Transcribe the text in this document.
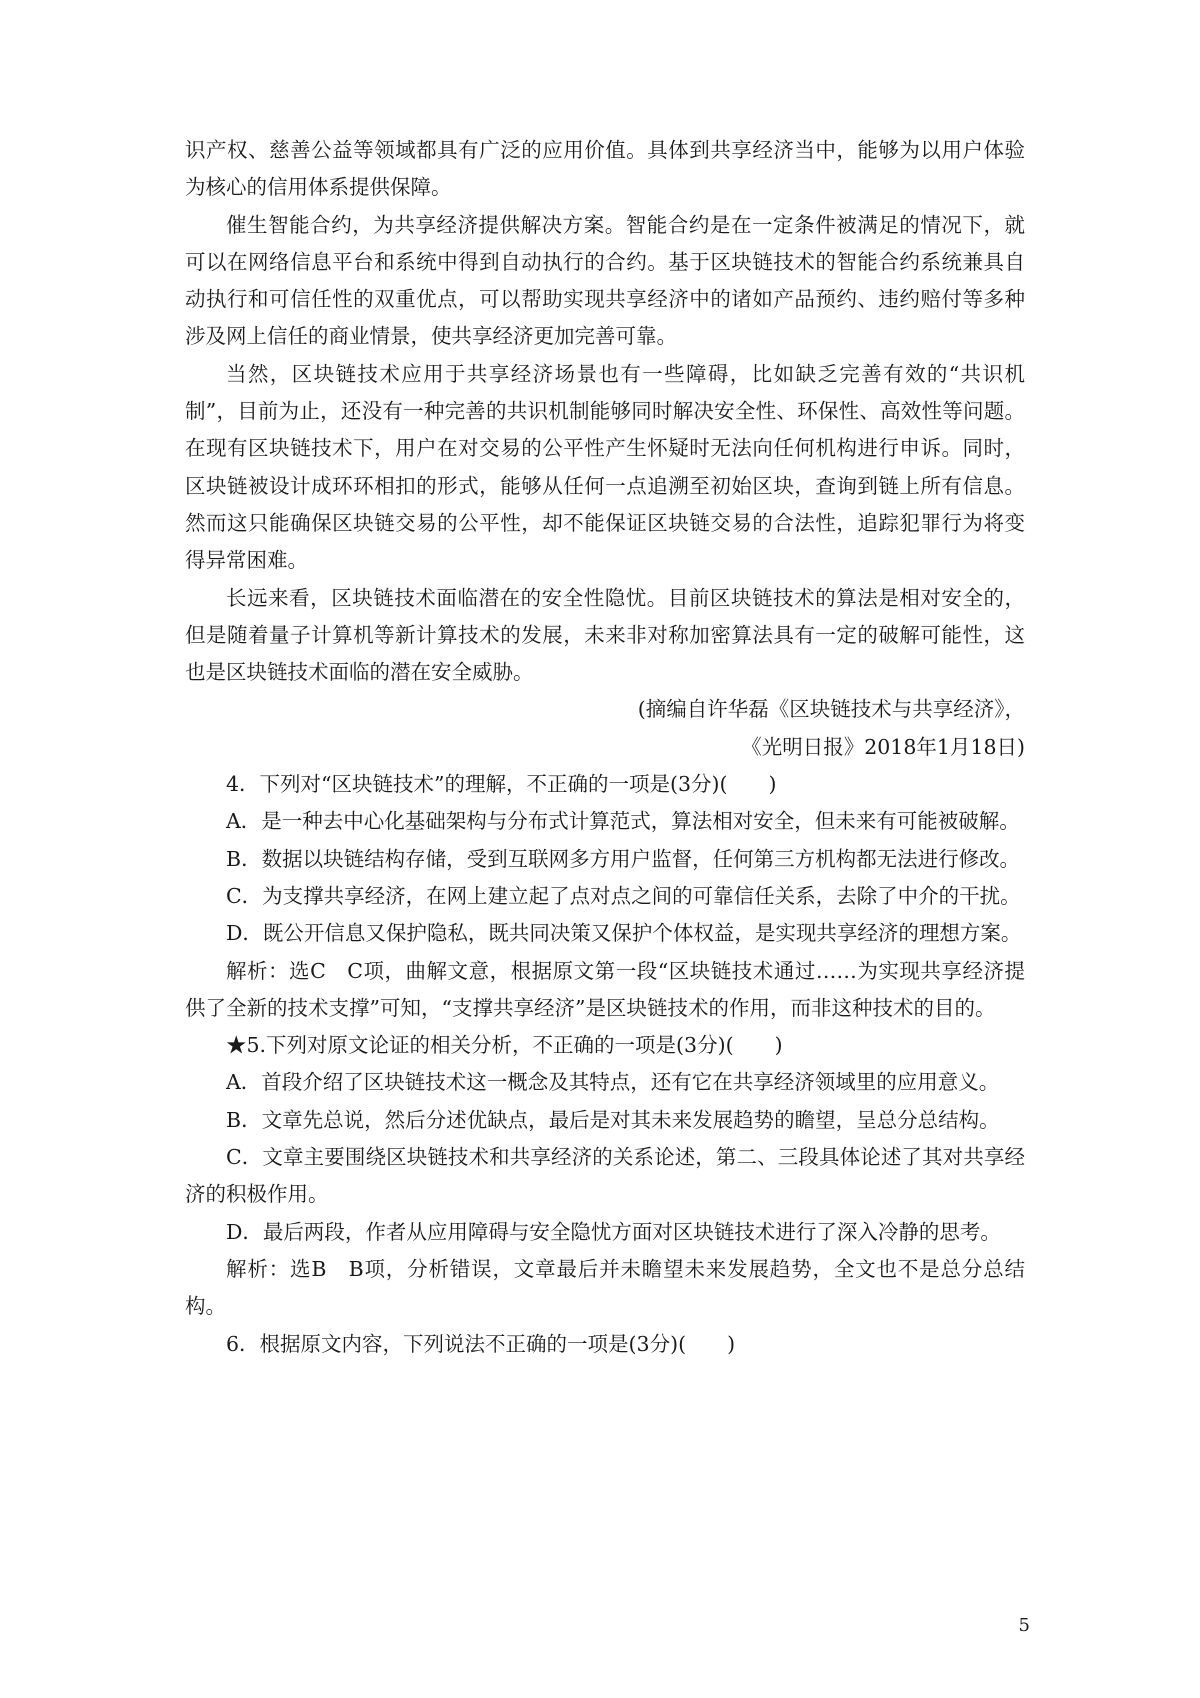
识产权、慈善公益等领域都具有广泛的应用价值。具体到共享经济当中，能够为以用户体验为核心的信用体系提供保障。

催生智能合约，为共享经济提供解决方案。智能合约是在一定条件被满足的情况下，就可以在网络信息平台和系统中得到自动执行的合约。基于区块链技术的智能合约系统兼具自动执行和可信任性的双重优点，可以帮助实现共享经济中的诸如产品预约、违约赔付等多种涉及网上信任的商业情景，使共享经济更加完善可靠。

当然，区块链技术应用于共享经济场景也有一些障碍，比如缺乏完善有效的“共识机制”，目前为止，还没有一种完善的共识机制能够同时解决安全性、环保性、高效性等问题。在现有区块链技术下，用户在对交易的公平性产生怀疑时无法向任何机构进行申诉。同时，区块链被设计成环环相扣的形式，能够从任何一点追溯至初始区块，查询到链上所有信息。然而这只能确保区块链交易的公平性，却不能保证区块链交易的合法性，追踪犯罪行为将变得异常困难。

长远来看，区块链技术面临潜在的安全性隐忧。目前区块链技术的算法是相对安全的，但是随着量子计算机等新计算技术的发展，未来非对称加密算法具有一定的破解可能性，这也是区块链技术面临的潜在安全威胁。

(摘编自许华磊《区块链技术与共享经济》，

《光明日报》2018年1月18日)

4．下列对“区块链技术”的理解，不正确的一项是(3分)(　　)

A．是一种去中心化基础架构与分布式计算范式，算法相对安全，但未来有可能被破解。

B．数据以块链结构存储，受到互联网多方用户监督，任何第三方机构都无法进行修改。

C．为支撑共享经济，在网上建立起了点对点之间的可靠信任关系，去除了中介的干扰。

D．既公开信息又保护隐私，既共同决策又保护个体权益，是实现共享经济的理想方案。

解析：选C　C项，曲解文意，根据原文第一段“区块链技术通过……为实现共享经济提供了全新的技术支撑”可知，“支撑共享经济”是区块链技术的作用，而非这种技术的目的。

★5.下列对原文论证的相关分析，不正确的一项是(3分)(　　)

A．首段介绍了区块链技术这一概念及其特点，还有它在共享经济领域里的应用意义。

B．文章先总说，然后分述优缺点，最后是对其未来发展趋势的瞻望，呈总分总结构。

C．文章主要围绕区块链技术和共享经济的关系论述，第二、三段具体论述了其对共享经济的积极作用。

D．最后两段，作者从应用障碍与安全隐忧方面对区块链技术进行了深入冷静的思考。

解析：选B　B项，分析错误，文章最后并未瞻望未来发展趋势，全文也不是总分总结构。

6．根据原文内容，下列说法不正确的一项是(3分)(　　)

5
